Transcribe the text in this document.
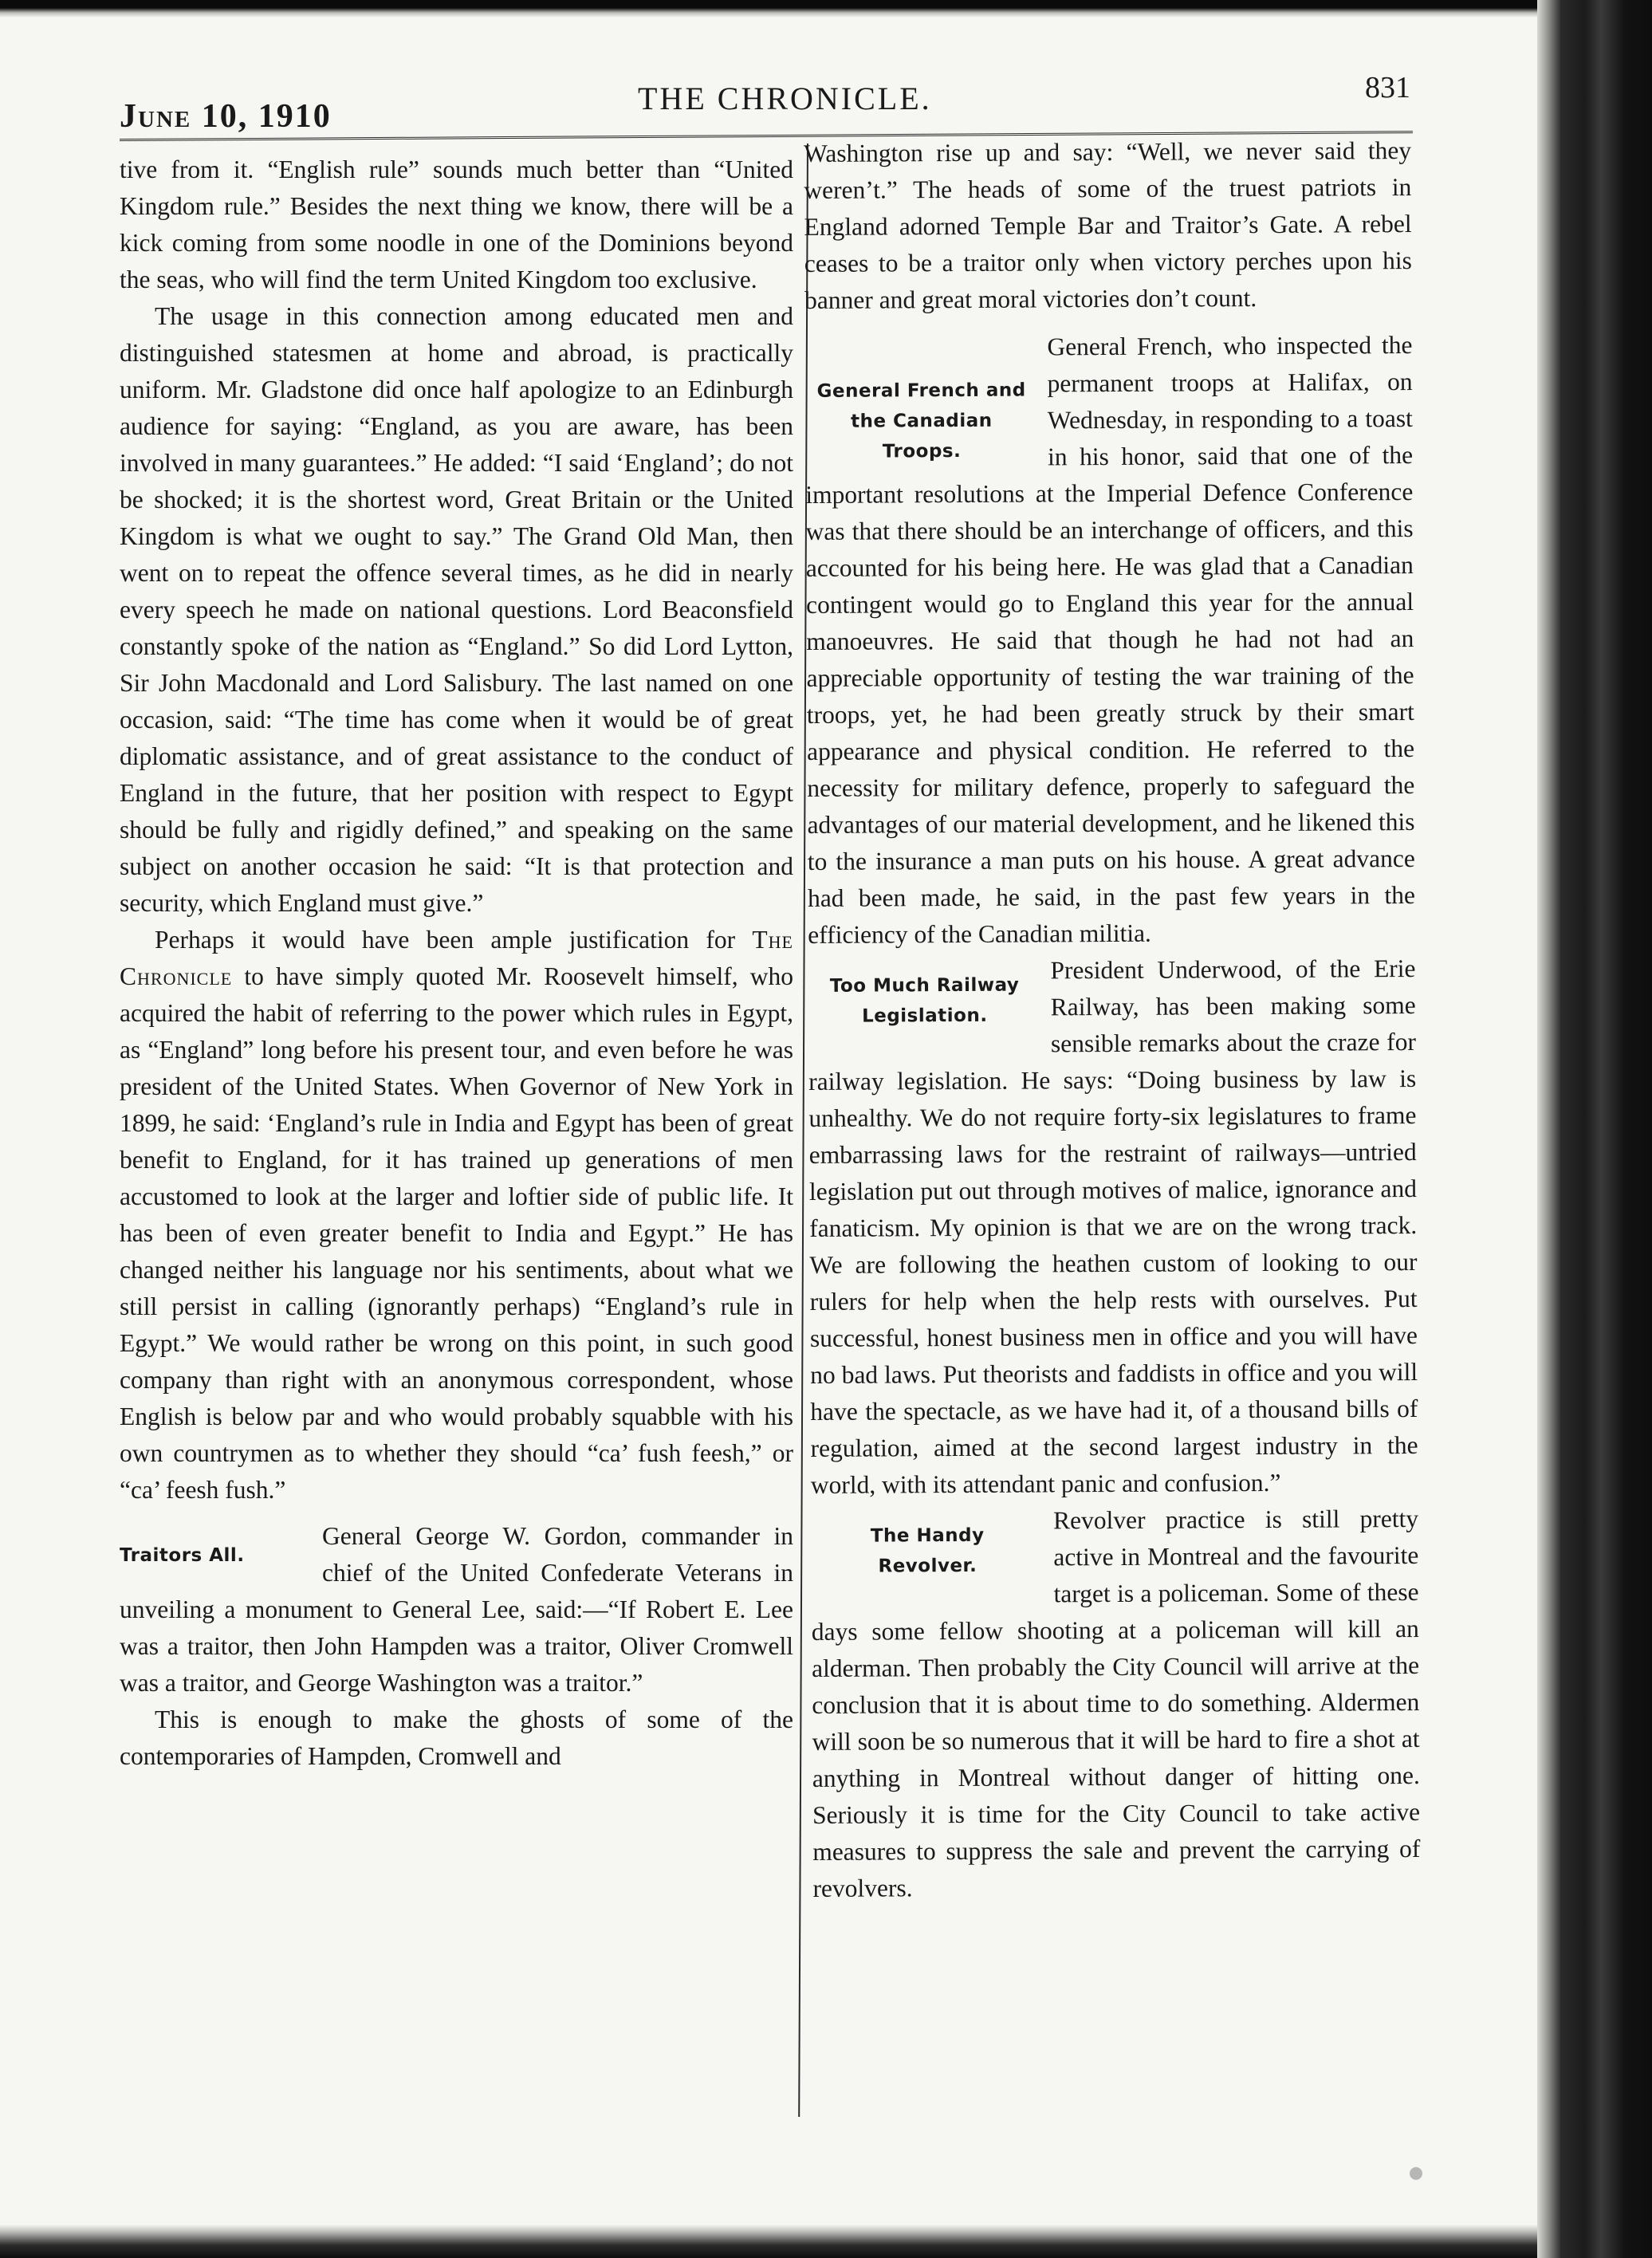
June 10, 1910	THE CHRONICLE.	831

tive from it. “English rule” sounds much better than “United Kingdom rule.” Besides the next thing we know, there will be a kick coming from some noodle in one of the Dominions beyond the seas, who will find the term United Kingdom too exclusive.

The usage in this connection among educated men and distinguished statesmen at home and abroad, is practically uniform. Mr. Gladstone did once half apologize to an Edinburgh audience for saying: “England, as you are aware, has been involved in many guarantees.” He added: “I said ‘England’; do not be shocked; it is the shortest word, Great Britain or the United Kingdom is what we ought to say.” The Grand Old Man, then went on to repeat the offence several times, as he did in nearly every speech he made on national questions. Lord Beaconsfield constantly spoke of the nation as “England.” So did Lord Lytton, Sir John Macdonald and Lord Salisbury. The last named on one occasion, said: “The time has come when it would be of great diplomatic assistance, and of great assistance to the conduct of England in the future, that her position with respect to Egypt should be fully and rigidly defined,” and speaking on the same subject on another occasion he said: “It is that protection and security, which England must give.”

Perhaps it would have been ample justification for The Chronicle to have simply quoted Mr. Roosevelt himself, who acquired the habit of referring to the power which rules in Egypt, as “England” long before his present tour, and even before he was president of the United States. When Governor of New York in 1899, he said: ‘England’s rule in India and Egypt has been of great benefit to England, for it has trained up generations of men accustomed to look at the larger and loftier side of public life. It has been of even greater benefit to India and Egypt.” He has changed neither his language nor his sentiments, about what we still persist in calling (ignorantly perhaps) “England’s rule in Egypt.” We would rather be wrong on this point, in such good company than right with an anonymous correspondent, whose English is below par and who would probably squabble with his own countrymen as to whether they should “ca’ fush feesh,” or “ca’ feesh fush.”

Traitors All.

General George W. Gordon, commander in chief of the United Confederate Veterans in unveiling a monument to General Lee, said:—“If Robert E. Lee was a traitor, then John Hampden was a traitor, Oliver Cromwell was a traitor, and George Washington was a traitor.”

This is enough to make the ghosts of some of the contemporaries of Hampden, Cromwell and

Washington rise up and say: “Well, we never said they weren’t.” The heads of some of the truest patriots in England adorned Temple Bar and Traitor’s Gate. A rebel ceases to be a traitor only when victory perches upon his banner and great moral victories don’t count.

General French and
the Canadian Troops.

General French, who inspected the permanent troops at Halifax, on Wednesday, in responding to a toast in his honor, said that one of the important resolutions at the Imperial Defence Conference was that there should be an interchange of officers, and this accounted for his being here. He was glad that a Canadian contingent would go to England this year for the annual manoeuvres. He said that though he had not had an appreciable opportunity of testing the war training of the troops, yet, he had been greatly struck by their smart appearance and physical condition. He referred to the necessity for military defence, properly to safeguard the advantages of our material development, and he likened this to the insurance a man puts on his house. A great advance had been made, he said, in the past few years in the efficiency of the Canadian militia.

Too Much Railway
Legislation.

President Underwood, of the Erie Railway, has been making some sensible remarks about the craze for railway legislation. He says: “Doing business by law is unhealthy. We do not require forty-six legislatures to frame embarrassing laws for the restraint of railways—untried legislation put out through motives of malice, ignorance and fanaticism. My opinion is that we are on the wrong track. We are following the heathen custom of looking to our rulers for help when the help rests with ourselves. Put successful, honest business men in office and you will have no bad laws. Put theorists and faddists in office and you will have the spectacle, as we have had it, of a thousand bills of regulation, aimed at the second largest industry in the world, with its attendant panic and confusion.”

The Handy
Revolver.

Revolver practice is still pretty active in Montreal and the favourite target is a policeman. Some of these days some fellow shooting at a policeman will kill an alderman. Then probably the City Council will arrive at the conclusion that it is about time to do something. Aldermen will soon be so numerous that it will be hard to fire a shot at anything in Montreal without danger of hitting one. Seriously it is time for the City Council to take active measures to suppress the sale and prevent the carrying of revolvers.
